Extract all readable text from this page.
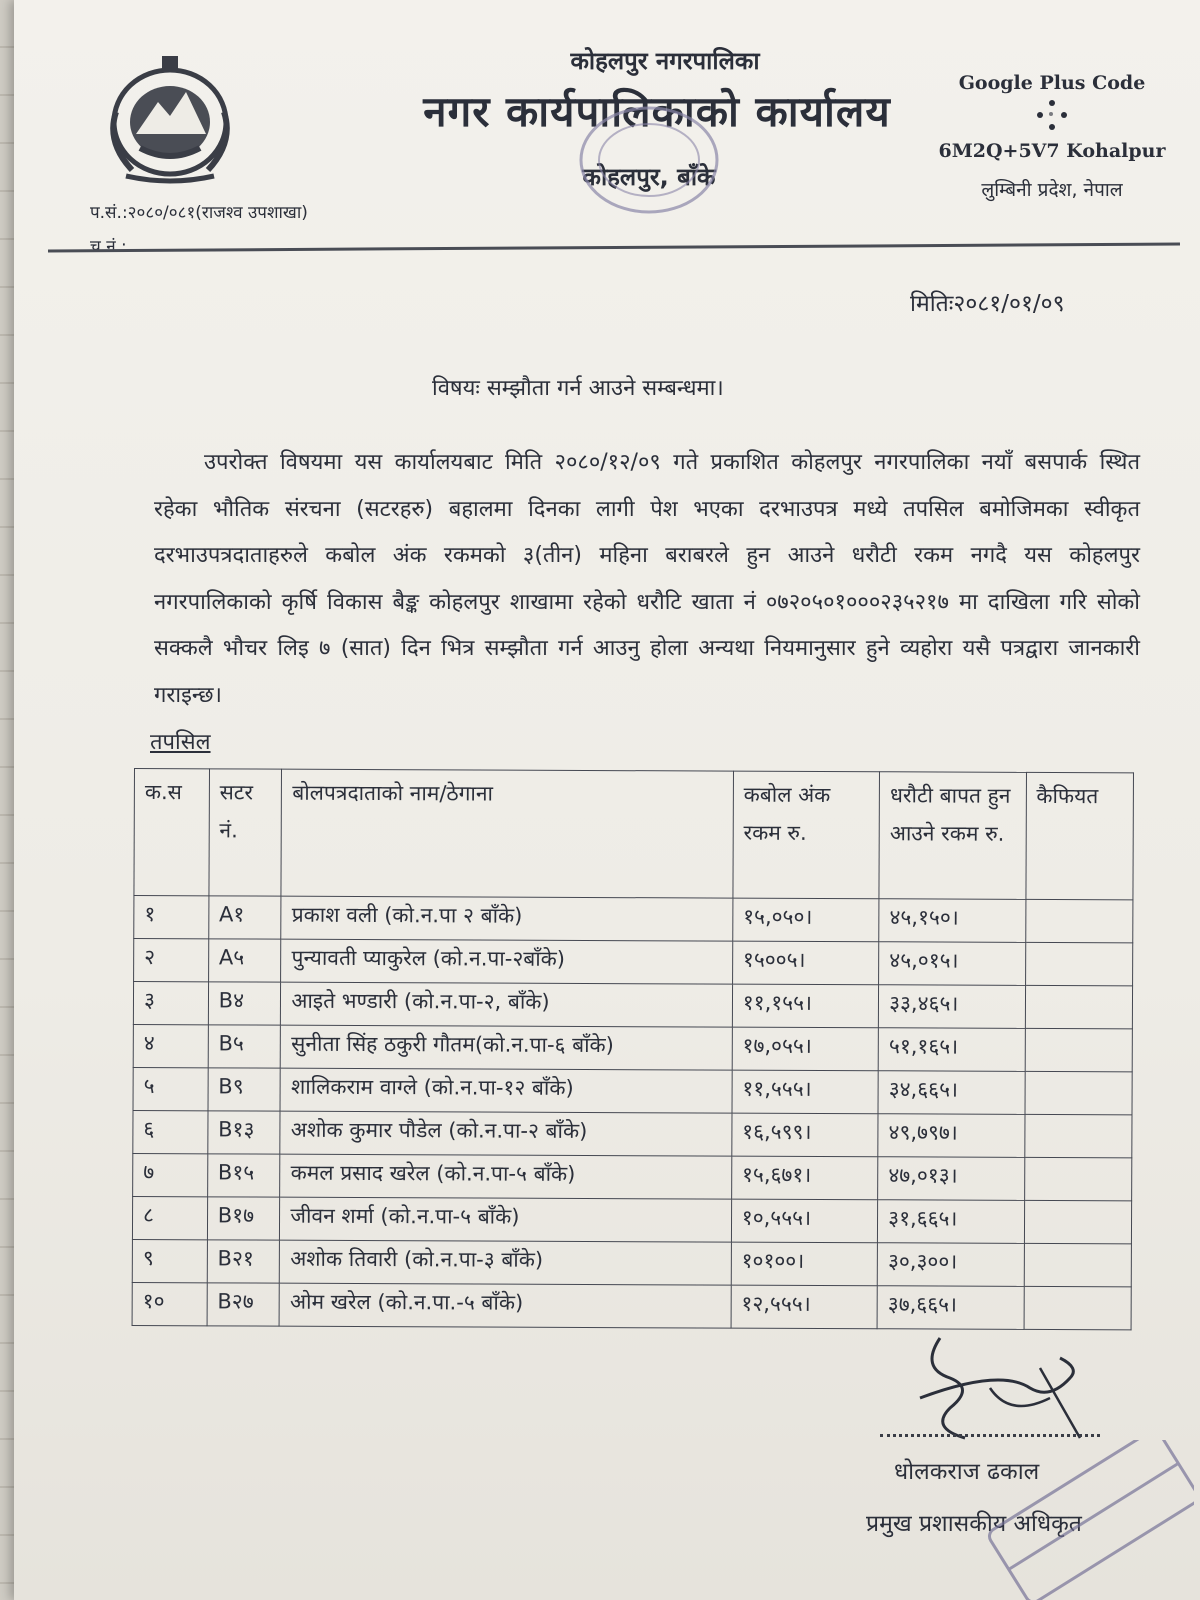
कोहलपुर नगरपालिका
नगर कार्यपालिकाको कार्यालय
कोहलपुर, बाँके
प.सं.:२०८०/०८१(राजश्व उपशाखा)
च.नं.:
Google Plus Code
6M2Q+5V7 Kohalpur
लुम्बिनी प्रदेश, नेपाल
मितिः२०८१/०१/०९
विषयः सम्झौता गर्न आउने सम्बन्धमा।
उपरोक्त विषयमा यस कार्यालयबाट मिति २०८०/१२/०९ गते प्रकाशित कोहलपुर नगरपालिका नयाँ बसपार्क स्थित रहेका भौतिक संरचना (सटरहरु) बहालमा दिनका लागी पेश भएका दरभाउपत्र मध्ये तपसिल बमोजिमका स्वीकृत दरभाउपत्रदाताहरुले कबोल अंक रकमको ३(तीन) महिना बराबरले हुन आउने धरौटी रकम नगदै यस कोहलपुर नगरपालिकाको कृर्षि विकास बैङ्क कोहलपुर शाखामा रहेको धरौटि खाता नं ०७२०५०१०००२३५२१७ मा दाखिला गरि सोको सक्कलै भौचर लिइ ७ (सात) दिन भित्र सम्झौता गर्न आउनु होला अन्यथा नियमानुसार हुने व्यहोरा यसै पत्रद्वारा जानकारी गराइन्छ।
तपसिल
क.स	सटर नं.	बोलपत्रदाताको नाम/ठेगाना	कबोल अंक रकम रु.	धरौटी बापत हुन आउने रकम रु.	कैफियत
१	A१	प्रकाश वली (को.न.पा २ बाँके)	१५,०५०।	४५,१५०।	
२	A५	पुन्यावती प्याकुरेल (को.न.पा-२बाँके)	१५००५।	४५,०१५।	
३	B४	आइते भण्डारी (को.न.पा-२, बाँके)	११,१५५।	३३,४६५।	
४	B५	सुनीता सिंह ठकुरी गौतम(को.न.पा-६ बाँके)	१७,०५५।	५१,१६५।	
५	B९	शालिकराम वाग्ले (को.न.पा-१२ बाँके)	११,५५५।	३४,६६५।	
६	B१३	अशोक कुमार पौडेल (को.न.पा-२ बाँके)	१६,५९९।	४९,७९७।	
७	B१५	कमल प्रसाद खरेल (को.न.पा-५ बाँके)	१५,६७१।	४७,०१३।	
८	B१७	जीवन शर्मा (को.न.पा-५ बाँके)	१०,५५५।	३१,६६५।	
९	B२१	अशोक तिवारी (को.न.पा-३ बाँके)	१०१००।	३०,३००।	
१०	B२७	ओम खरेल (को.न.पा.-५ बाँके)	१२,५५५।	३७,६६५।	
धोलकराज ढकाल
प्रमुख प्रशासकीय अधिकृत
